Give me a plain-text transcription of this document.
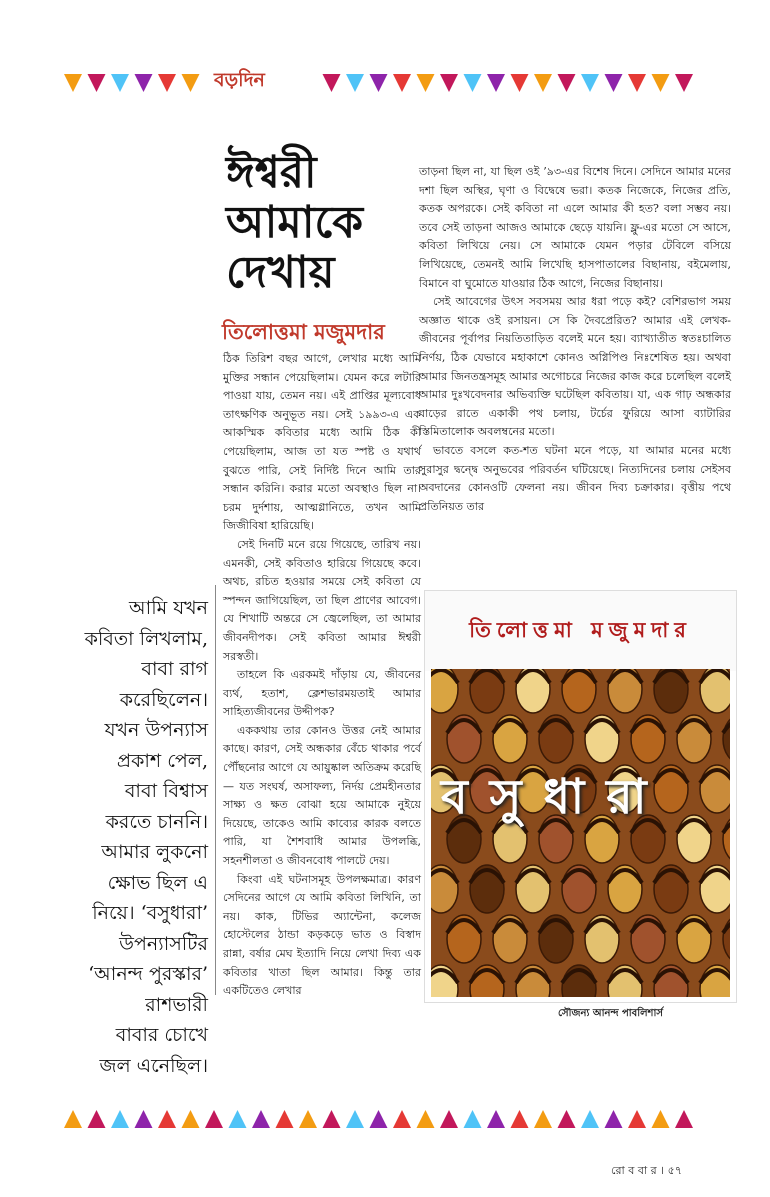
বড়দিন
ঈশ্বরী
আমাকে
দেখায়
তিলোত্তমা মজুমদার
আমি যখন
কবিতা লিখলাম,
বাবা রাগ
করেছিলেন।
যখন উপন্যাস
প্রকাশ পেল,
বাবা বিশ্বাস
করতে চাননি।
আমার লুকনো
ক্ষোভ ছিল এ
নিয়ে। ‘বসুধারা’
উপন্যাসটির
‘আনন্দ পুরস্কার’
রাশভারী
বাবার চোখে
জল এনেছিল।

ঠিক তিরিশ বছর আগে, লেখার মধ্যে আমি মুক্তির সন্ধান পেয়েছিলাম। যেমন করে লটারি পাওয়া যায়, তেমন নয়। এই প্রাপ্তির মূল্যবোধ তাৎক্ষণিক অনুভূত নয়। সেই ১৯৯৩-এ এক আকস্মিক কবিতার মধ্যে আমি ঠিক কী পেয়েছিলাম, আজ তা যত স্পষ্ট ও যথার্থ বুঝতে পারি, সেই নির্দিষ্ট দিনে আমি তার সন্ধান করিনি। করার মতো অবস্থাও ছিল না। চরম দুর্দশায়, আত্মগ্লানিতে, তখন আমি জিজীবিষা হারিয়েছি।

সেই দিনটি মনে রয়ে গিয়েছে, তারিখ নয়। এমনকী, সেই কবিতাও হারিয়ে গিয়েছে কবে। অথচ, রচিত হওয়ার সময়ে সেই কবিতা যে স্পন্দন জাগিয়েছিল, তা ছিল প্রাণের আবেগ। যে শিখাটি অন্তরে সে জ্বেলেছিল, তা আমার জীবনদীপক। সেই কবিতা আমার ঈশ্বরী সরস্বতী।

তাহলে কি এরকমই দাঁড়ায় যে, জীবনের ব্যর্থ, হতাশ, ক্লেশভারময়তাই আমার সাহিত্যজীবনের উদ্দীপক?

এককথায় তার কোনও উত্তর নেই আমার কাছে। কারণ, সেই অন্ধকার বেঁচে থাকার পর্বে পৌঁছনোর আগে যে আয়ুষ্কাল অতিক্রম করেছি— যত সংঘর্ষ, অসাফল্য, নির্দয় প্রেমহীনতার সাক্ষ্য ও ক্ষত বোঝা হয়ে আমাকে নুইয়ে দিয়েছে, তাকেও আমি কাব্যের কারক বলতে পারি, যা শৈশবাধি আমার উপলব্ধি, সহনশীলতা ও জীবনবোধ পালটে দেয়।

কিংবা এই ঘটনাসমূহ উপলক্ষমাত্র। কারণ সেদিনের আগে যে আমি কবিতা লিখিনি, তা নয়। কাক, টিভির অ্যান্টেনা, কলেজ হোস্টেলের ঠান্ডা কড়কড়ে ভাত ও বিস্বাদ রান্না, বর্ষার মেঘ ইত্যাদি নিয়ে লেখা দিব্য এক কবিতার খাতা ছিল আমার। কিন্তু তার একটিতেও লেখার

তাড়না ছিল না, যা ছিল ওই ’৯৩-এর বিশেষ দিনে। সেদিনে আমার মনের দশা ছিল অস্থির, ঘৃণা ও বিদ্বেষে ভরা। কতক নিজেকে, নিজের প্রতি, কতক অপরকে। সেই কবিতা না এলে আমার কী হত? বলা সম্ভব নয়। তবে সেই তাড়না আজও আমাকে ছেড়ে যায়নি। ফ্লু-এর মতো সে আসে, কবিতা লিখিয়ে নেয়। সে আমাকে যেমন পড়ার টেবিলে বসিয়ে লিখিয়েছে, তেমনই আমি লিখেছি হাসপাতালের বিছানায়, বইমেলায়, বিমানে বা ঘুমোতে যাওয়ার ঠিক আগে, নিজের বিছানায়।

সেই আবেগের উৎস সবসময় আর ধরা পড়ে কই? বেশিরভাগ সময় অজ্ঞাত থাকে ওই রসায়ন। সে কি দৈবপ্রেরিত? আমার এই লেখক-জীবনের পূর্বাপর নিয়তিতাড়িত বলেই মনে হয়। ব্যাখ্যাতীত স্বতঃচালিত নির্ণয়, ঠিক যেভাবে মহাকাশে কোনও অগ্নিপিণ্ড নিঃশেষিত হয়। অথবা আমার জিনতন্ত্রসমূহ আমার অগোচরে নিজের কাজ করে চলেছিল বলেই আমার দুঃখবেদনার অভিব্যক্তি ঘটেছিল কবিতায়। যা, এক গাঢ় অন্ধকার বাড়ের রাতে একাকী পথ চলায়, টর্চের ফুরিয়ে আসা ব্যাটারির স্তিমিতালোক অবলম্বনের মতো।

ভাবতে বসলে কত-শত ঘটনা মনে পড়ে, যা আমার মনের মধ্যে সুরাসুর দ্বন্দ্বে অনুভবের পরিবর্তন ঘটিয়েছে। নিত্যদিনের চলায় সেইসব অবদানের কোনওটি ফেলনা নয়। জীবন দিব্য চক্রাকার। বৃত্তীয় পথে প্রতিনিয়ত তার

তিলোত্তমা মজুমদার
বসুধারা
সৌজন্য আনন্দ পাবলিশার্স
রো ব বা র । ৫৭
